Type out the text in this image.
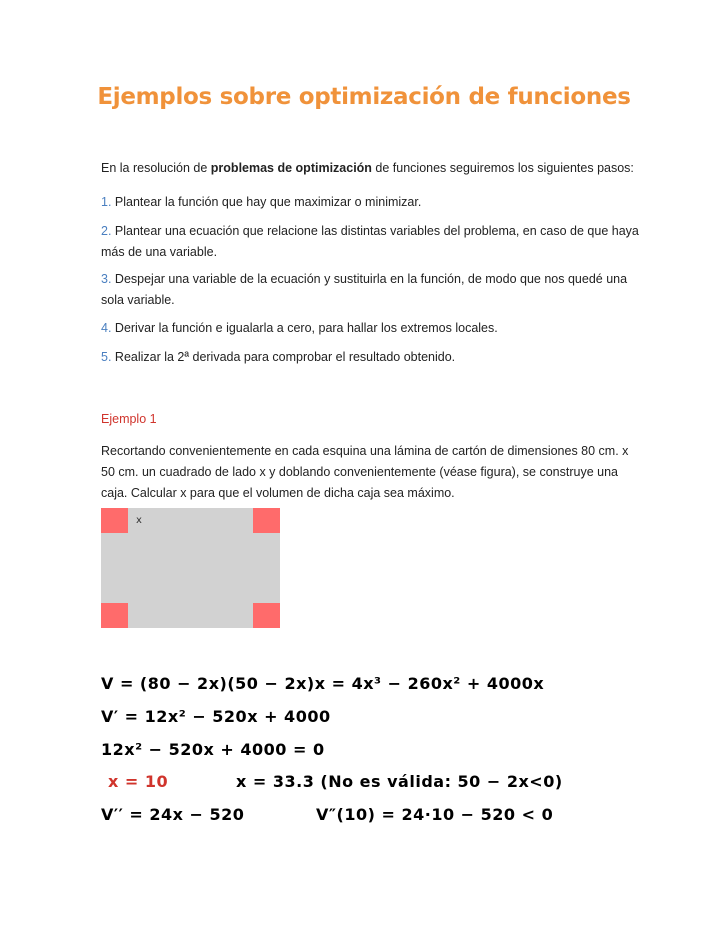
Ejemplos sobre optimización de funciones
En la resolución de problemas de optimización de funciones seguiremos los siguientes pasos:
1. Plantear la función que hay que maximizar o minimizar.
2. Plantear una ecuación que relacione las distintas variables del problema, en caso de que haya más de una variable.
3. Despejar una variable de la ecuación y sustituirla en la función, de modo que nos quedé una sola variable.
4. Derivar la función e igualarla a cero, para hallar los extremos locales.
5. Realizar la 2ª derivada para comprobar el resultado obtenido.
Ejemplo 1
Recortando convenientemente en cada esquina una lámina de cartón de dimensiones 80 cm. x 50 cm. un cuadrado de lado x y doblando convenientemente (véase figura), se construye una caja. Calcular x para que el volumen de dicha caja sea máximo.
x
V = (80 − 2x)(50 − 2x)x = 4x³ − 260x² + 4000x
V′ = 12x² − 520x + 4000
12x² − 520x + 4000 = 0
x = 10	x = 33.3 (No es válida: 50 − 2x<0)
V′′ = 24x − 520	V″(10) = 24·10 − 520 < 0
